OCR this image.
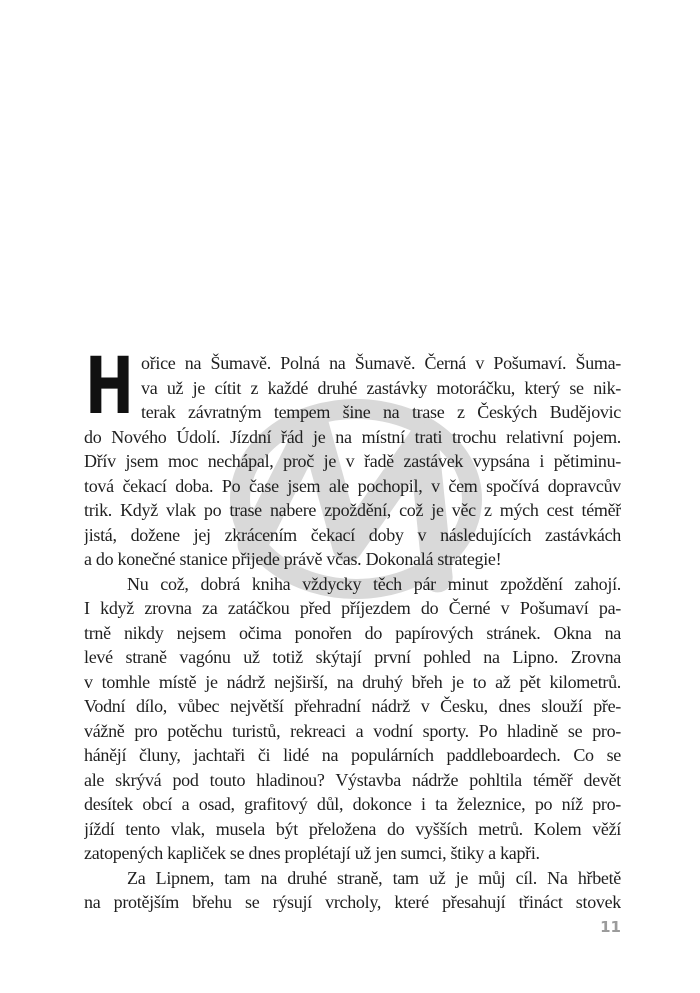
H ořice na Šumavě. Polná na Šumavě. Černá v Pošumaví. Šuma-
va už je cítit z každé druhé zastávky motoráčku, který se nik-
terak závratným tempem šine na trase z Českých Budějovic
do Nového Údolí. Jízdní řád je na místní trati trochu relativní pojem.
Dřív jsem moc nechápal, proč je v řadě zastávek vypsána i pětiminu-
tová čekací doba. Po čase jsem ale pochopil, v čem spočívá dopravcův
trik. Když vlak po trase nabere zpoždění, což je věc z mých cest téměř
jistá, dožene jej zkrácením čekací doby v následujících zastávkách
a do konečné stanice přijede právě včas. Dokonalá strategie!
Nu což, dobrá kniha vždycky těch pár minut zpoždění zahojí.
I když zrovna za zatáčkou před příjezdem do Černé v Pošumaví pa-
trně nikdy nejsem očima ponořen do papírových stránek. Okna na
levé straně vagónu už totiž skýtají první pohled na Lipno. Zrovna
v tomhle místě je nádrž nejširší, na druhý břeh je to až pět kilometrů.
Vodní dílo, vůbec největší přehradní nádrž v Česku, dnes slouží pře-
vážně pro potěchu turistů, rekreaci a vodní sporty. Po hladině se pro-
hánějí čluny, jachtaři či lidé na populárních paddleboardech. Co se
ale skrývá pod touto hladinou? Výstavba nádrže pohltila téměř devět
desítek obcí a osad, grafitový důl, dokonce i ta železnice, po níž pro-
jíždí tento vlak, musela být přeložena do vyšších metrů. Kolem věží
zatopených kapliček se dnes proplétají už jen sumci, štiky a kapři.
Za Lipnem, tam na druhé straně, tam už je můj cíl. Na hřbetě
na protějším břehu se rýsují vrcholy, které přesahují třináct stovek
11
